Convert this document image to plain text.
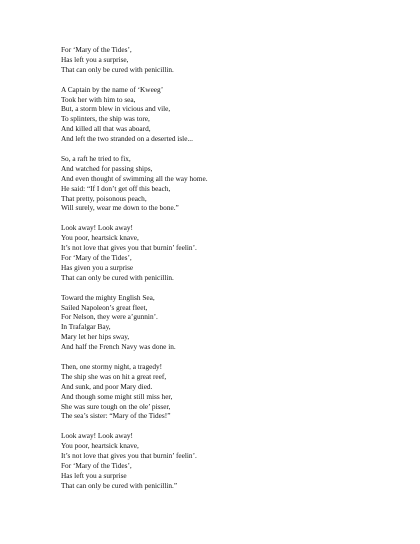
For ‘Mary of the Tides’,
Has left you a surprise,
That can only be cured with penicillin.
A Captain by the name of ‘Kweeg’
Took her with him to sea,
But, a storm blew in vicious and vile,
To splinters, the ship was tore,
And killed all that was aboard,
And left the two stranded on a deserted isle...
So, a raft he tried to fix,
And watched for passing ships,
And even thought of swimming all the way home.
He said: “If I don’t get off this beach,
That pretty, poisonous peach,
Will surely, wear me down to the bone.”
Look away! Look away!
You poor, heartsick knave,
It’s not love that gives you that burnin’ feelin’.
For ‘Mary of the Tides’,
Has given you a surprise
That can only be cured with penicillin.
Toward the mighty English Sea,
Sailed Napoleon’s great fleet,
For Nelson, they were a’gunnin’.
In Trafalgar Bay,
Mary let her hips sway,
And half the French Navy was done in.
Then, one stormy night, a tragedy!
The ship she was on hit a great reef,
And sunk, and poor Mary died.
And though some might still miss her,
She was sure tough on the ole’ pisser,
The sea’s sister: “Mary of the Tides!”
Look away! Look away!
You poor, heartsick knave,
It’s not love that gives you that burnin’ feelin’.
For ‘Mary of the Tides’,
Has left you a surprise
That can only be cured with penicillin.”
